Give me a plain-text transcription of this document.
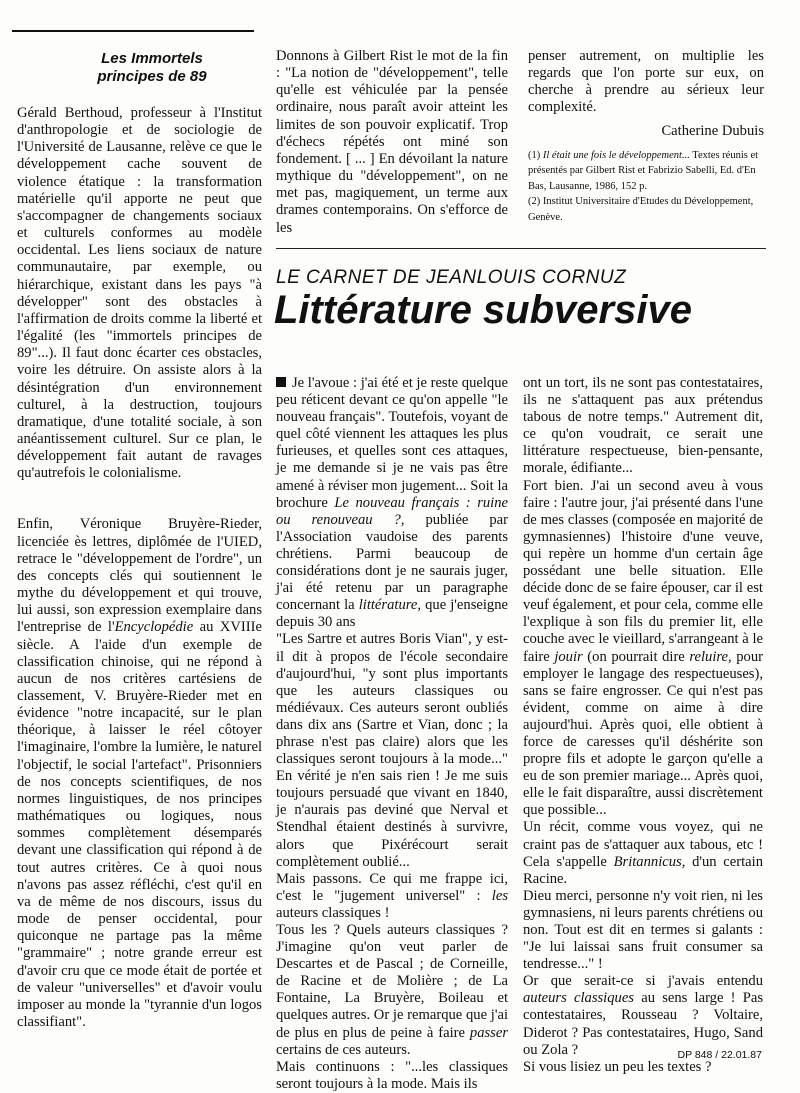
Les Immortels
principes de 89

Gérald Berthoud, professeur à l'Institut d'anthropologie et de sociologie de l'Université de Lausanne, relève ce que le développement cache souvent de violence étatique : la transformation matérielle qu'il apporte ne peut que s'accompagner de changements sociaux et culturels conformes au modèle occidental. Les liens sociaux de nature communautaire, par exemple, ou hiérarchique, existant dans les pays "à développer" sont des obstacles à l'affirmation de droits comme la liberté et l'égalité (les "immortels principes de 89"...). Il faut donc écarter ces obstacles, voire les détruire. On assiste alors à la désintégration d'un environnement culturel, à la destruction, toujours dramatique, d'une totalité sociale, à son anéantissement culturel. Sur ce plan, le développement fait autant de ravages qu'autrefois le colonialisme.

Enfin, Véronique Bruyère-Rieder, licenciée ès lettres, diplômée de l'UIED, retrace le "développement de l'ordre", un des concepts clés qui soutiennent le mythe du développement et qui trouve, lui aussi, son expression exemplaire dans l'entreprise de l'Encyclopédie au XVIIIe siècle. A l'aide d'un exemple de classification chinoise, qui ne répond à aucun de nos critères cartésiens de classement, V. Bruyère-Rieder met en évidence "notre incapacité, sur le plan théorique, à laisser le réel côtoyer l'imaginaire, l'ombre la lumière, le naturel l'objectif, le social l'artefact". Prisonniers de nos concepts scientifiques, de nos normes linguistiques, de nos principes mathématiques ou logiques, nous sommes complètement désemparés devant une classification qui répond à de tout autres critères. Ce à quoi nous n'avons pas assez réfléchi, c'est qu'il en va de même de nos discours, issus du mode de penser occidental, pour quiconque ne partage pas la même "grammaire" ; notre grande erreur est d'avoir cru que ce mode était de portée et de valeur "universelles" et d'avoir voulu imposer au monde la "tyrannie d'un logos classifiant".

Donnons à Gilbert Rist le mot de la fin : "La notion de "développement", telle qu'elle est véhiculée par la pensée ordinaire, nous paraît avoir atteint les limites de son pouvoir explicatif. Trop d'échecs répétés ont miné son fondement. [ ... ] En dévoilant la nature mythique du "développement", on ne met pas, magiquement, un terme aux drames contemporains. On s'efforce de les

penser autrement, on multiplie les regards que l'on porte sur eux, on cherche à prendre au sérieux leur complexité.

Catherine Dubuis

(1) Il était une fois le développement... Textes réunis et présentés par Gilbert Rist et Fabrizio Sabelli, Ed. d'En Bas, Lausanne, 1986, 152 p.

(2) Institut Universitaire d'Etudes du Développement, Genève.

LE CARNET DE JEANLOUIS CORNUZ
Littérature subversive

Je l'avoue : j'ai été et je reste quelque peu réticent devant ce qu'on appelle "le nouveau français". Toutefois, voyant de quel côté viennent les attaques les plus furieuses, et quelles sont ces attaques, je me demande si je ne vais pas être amené à réviser mon jugement... Soit la brochure Le nouveau français : ruine ou renouveau ?, publiée par l'Association vaudoise des parents chrétiens. Parmi beaucoup de considérations dont je ne saurais juger, j'ai été retenu par un paragraphe concernant la littérature, que j'enseigne depuis 30 ans

"Les Sartre et autres Boris Vian", y est-il dit à propos de l'école secondaire d'aujourd'hui, "y sont plus importants que les auteurs classiques ou médiévaux. Ces auteurs seront oubliés dans dix ans (Sartre et Vian, donc ; la phrase n'est pas claire) alors que les classiques seront toujours à la mode..." En vérité je n'en sais rien ! Je me suis toujours persuadé que vivant en 1840, je n'aurais pas deviné que Nerval et Stendhal étaient destinés à survivre, alors que Pixérécourt serait complètement oublié...

Mais passons. Ce qui me frappe ici, c'est le "jugement universel" : les auteurs classiques !

Tous les ? Quels auteurs classiques ? J'imagine qu'on veut parler de Descartes et de Pascal ; de Corneille, de Racine et de Molière ; de La Fontaine, La Bruyère, Boileau et quelques autres. Or je remarque que j'ai de plus en plus de peine à faire passer certains de ces auteurs.

Mais continuons : "...les classiques seront toujours à la mode. Mais ils

ont un tort, ils ne sont pas contestataires, ils ne s'attaquent pas aux prétendus tabous de notre temps." Autrement dit, ce qu'on voudrait, ce serait une littérature respectueuse, bien-pensante, morale, édifiante...

Fort bien. J'ai un second aveu à vous faire : l'autre jour, j'ai présenté dans l'une de mes classes (composée en majorité de gymnasiennes) l'histoire d'une veuve, qui repère un homme d'un certain âge possédant une belle situation. Elle décide donc de se faire épouser, car il est veuf également, et pour cela, comme elle l'explique à son fils du premier lit, elle couche avec le vieillard, s'arrangeant à le faire jouir (on pourrait dire reluire, pour employer le langage des respectueuses), sans se faire engrosser. Ce qui n'est pas évident, comme on aime à dire aujourd'hui. Après quoi, elle obtient à force de caresses qu'il déshérite son propre fils et adopte le garçon qu'elle a eu de son premier mariage... Après quoi, elle le fait disparaître, aussi discrètement que possible...

Un récit, comme vous voyez, qui ne craint pas de s'attaquer aux tabous, etc ! Cela s'appelle Britannicus, d'un certain Racine.

Dieu merci, personne n'y voit rien, ni les gymnasiens, ni leurs parents chrétiens ou non. Tout est dit en termes si galants : "Je lui laissai sans fruit consumer sa tendresse..." !

Or que serait-ce si j'avais entendu auteurs classiques au sens large ! Pas contestataires, Rousseau ? Voltaire, Diderot ? Pas contestataires, Hugo, Sand ou Zola ?

Si vous lisiez un peu les textes ?

DP 848 / 22.01.87
